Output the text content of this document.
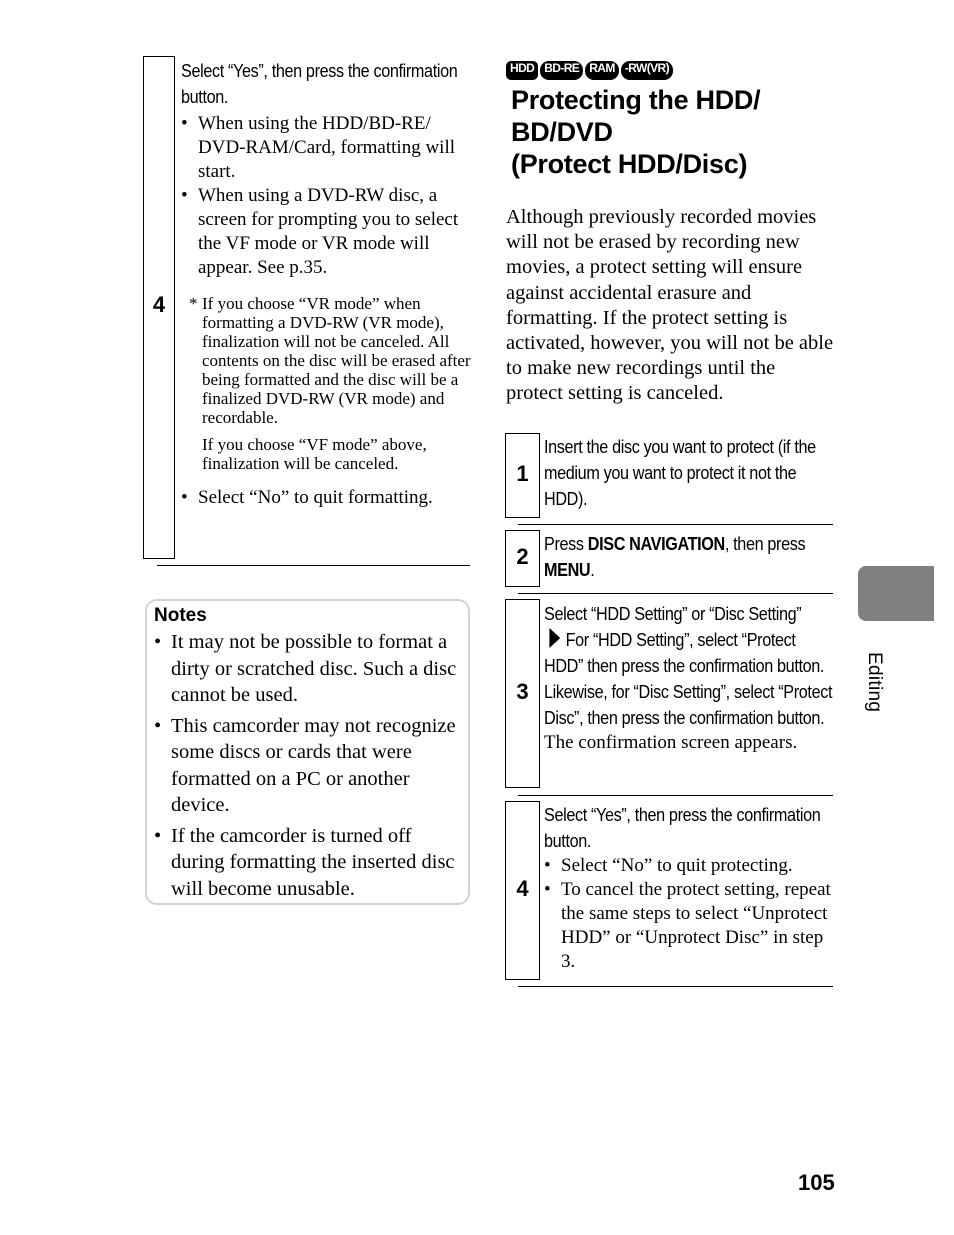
4
Select “Yes”, then press the confirmation button.
• When using the HDD/BD-RE/ DVD-RAM/Card, formatting will start.
• When using a DVD-RW disc, a screen for prompting you to select the VF mode or VR mode will appear. See p.35.
* If you choose “VR mode” when formatting a DVD-RW (VR mode), finalization will not be canceled. All contents on the disc will be erased after being formatted and the disc will be a finalized DVD-RW (VR mode) and recordable.

If you choose “VF mode” above, finalization will be canceled.

• Select “No” to quit formatting.
Notes
• It may not be possible to format a dirty or scratched disc. Such a disc cannot be used.
• This camcorder may not recognize some discs or cards that were formatted on a PC or another device.
• If the camcorder is turned off during formatting the inserted disc will become unusable.
HDD BD-RE RAM -RW(VR)
Protecting the HDD/
BD/DVD
(Protect HDD/Disc)
Although previously recorded movies will not be erased by recording new movies, a protect setting will ensure against accidental erasure and formatting. If the protect setting is activated, however, you will not be able to make new recordings until the protect setting is canceled.
1
Insert the disc you want to protect (if the medium you want to protect it not the HDD).
2 Press DISC NAVIGATION, then press MENU.
3
Select “HDD Setting” or “Disc Setting”
For “HDD Setting”, select “Protect HDD” then press the confirmation button. Likewise, for “Disc Setting”, select “Protect Disc”, then press the confirmation button.
The confirmation screen appears.
4
Select “Yes”, then press the confirmation button.
• Select “No” to quit protecting.
• To cancel the protect setting, repeat the same steps to select “Unprotect HDD” or “Unprotect Disc” in step 3.
Editing
105
